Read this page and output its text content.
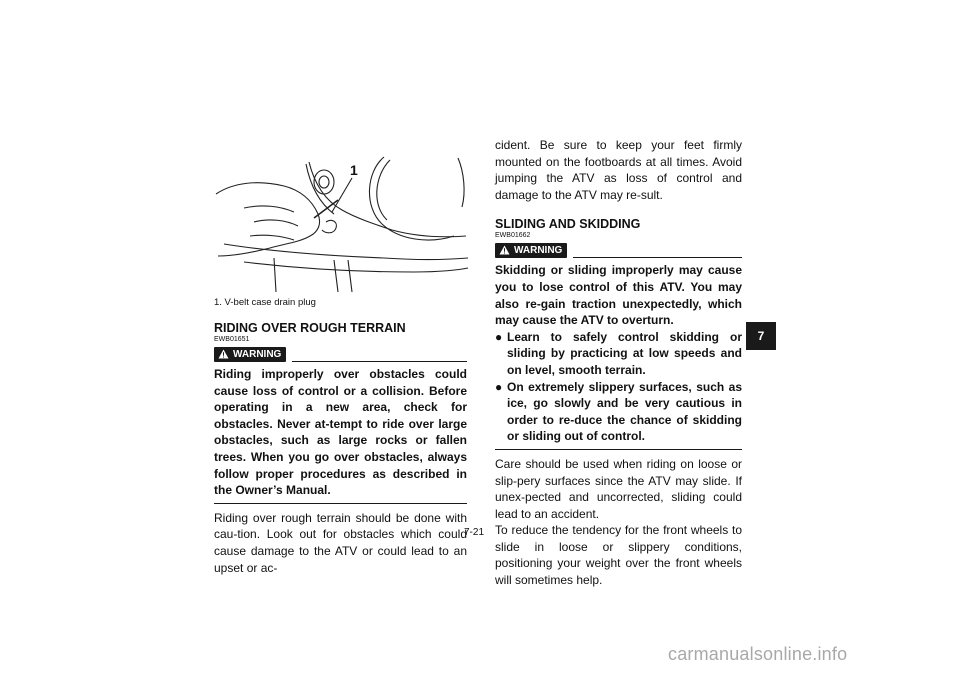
1
1. V-belt case drain plug
RIDING OVER ROUGH TERRAIN
EWB01651
WARNING

Riding improperly over obstacles could cause loss of control or a collision. Before operating in a new area, check for obstacles. Never at-tempt to ride over large obstacles, such as large rocks or fallen trees. When you go over obstacles, always follow proper procedures as described in the Owner’s Manual.

Riding over rough terrain should be done with cau-tion. Look out for obstacles which could cause damage to the ATV or could lead to an upset or ac-

cident. Be sure to keep your feet firmly mounted on the footboards at all times. Avoid jumping the ATV as loss of control and damage to the ATV may re-sult.

SLIDING AND SKIDDING
EWB01662
WARNING

Skidding or sliding improperly may cause you to lose control of this ATV. You may also re-gain traction unexpectedly, which may cause the ATV to overturn.

● Learn to safely control skidding or sliding by practicing at low speeds and on level, smooth terrain.
● On extremely slippery surfaces, such as ice, go slowly and be very cautious in order to re-duce the chance of skidding or sliding out of control.

Care should be used when riding on loose or slip-pery surfaces since the ATV may slide. If unex-pected and uncorrected, sliding could lead to an accident.

To reduce the tendency for the front wheels to slide in loose or slippery conditions, positioning your weight over the front wheels will sometimes help.

7-21
7
carmanualsonline.info
